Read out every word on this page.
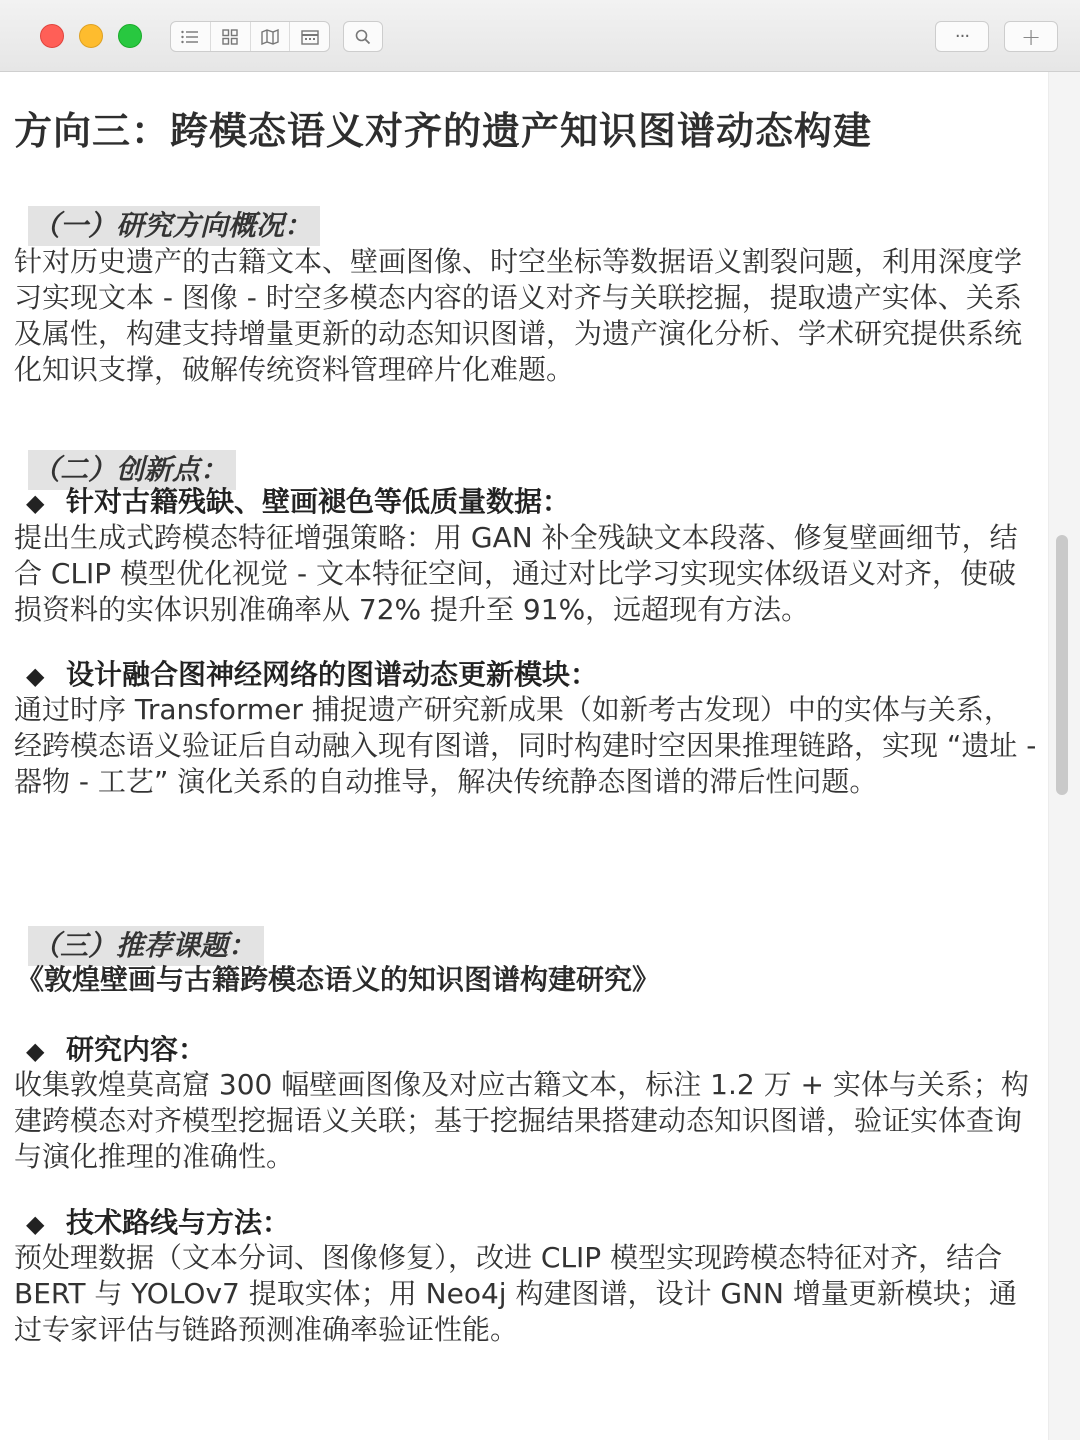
··· +
方向三：跨模态语义对齐的遗产知识图谱动态构建
（一）研究方向概况：
针对历史遗产的古籍文本、壁画图像、时空坐标等数据语义割裂问题，利用深度学习实现文本 - 图像 - 时空多模态内容的语义对齐与关联挖掘，提取遗产实体、关系及属性，构建支持增量更新的动态知识图谱，为遗产演化分析、学术研究提供系统化知识支撑，破解传统资料管理碎片化难题。
（二）创新点：
◆ 针对古籍残缺、壁画褪色等低质量数据：
提出生成式跨模态特征增强策略：用 GAN 补全残缺文本段落、修复壁画细节，结合 CLIP 模型优化视觉 - 文本特征空间，通过对比学习实现实体级语义对齐，使破损资料的实体识别准确率从 72% 提升至 91%，远超现有方法。
◆ 设计融合图神经网络的图谱动态更新模块：
通过时序 Transformer 捕捉遗产研究新成果（如新考古发现）中的实体与关系，经跨模态语义验证后自动融入现有图谱，同时构建时空因果推理链路，实现 “遗址 - 器物 - 工艺” 演化关系的自动推导，解决传统静态图谱的滞后性问题。
（三）推荐课题：
《敦煌壁画与古籍跨模态语义的知识图谱构建研究》
◆ 研究内容：
收集敦煌莫高窟 300 幅壁画图像及对应古籍文本，标注 1.2 万 + 实体与关系；构建跨模态对齐模型挖掘语义关联；基于挖掘结果搭建动态知识图谱，验证实体查询与演化推理的准确性。
◆ 技术路线与方法：
预处理数据（文本分词、图像修复），改进 CLIP 模型实现跨模态特征对齐，结合 BERT 与 YOLOv7 提取实体；用 Neo4j 构建图谱，设计 GNN 增量更新模块；通过专家评估与链路预测准确率验证性能。
